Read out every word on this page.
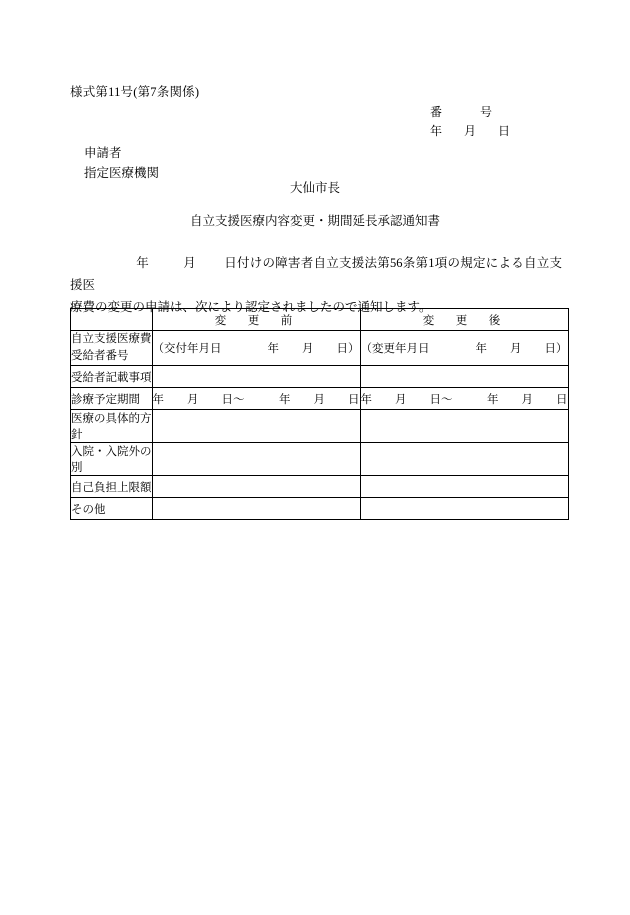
様式第11号(第7条関係)
番	号
年 月 日
申請者
指定医療機関
大仙市長
自立支援医療内容変更・期間延長承認通知書
年	月 日付けの障害者自立支援法第56条第1項の規定による自立支援医
療費の変更の申請は、次により認定されましたので通知します。
	変　更　前	変　更　後

自立支援医療費
受給者番号	（交付年月日　　　　年　　月　　日）	（変更年月日　　　　年　　月　　日）
受給者記載事項		
診療予定期間	年　　月　　日～　　　年　　月　　日	年　　月　　日～　　　年　　月　　日
医療の具体的方針		
入院・入院外の別		
自己負担上限額		
その他		
